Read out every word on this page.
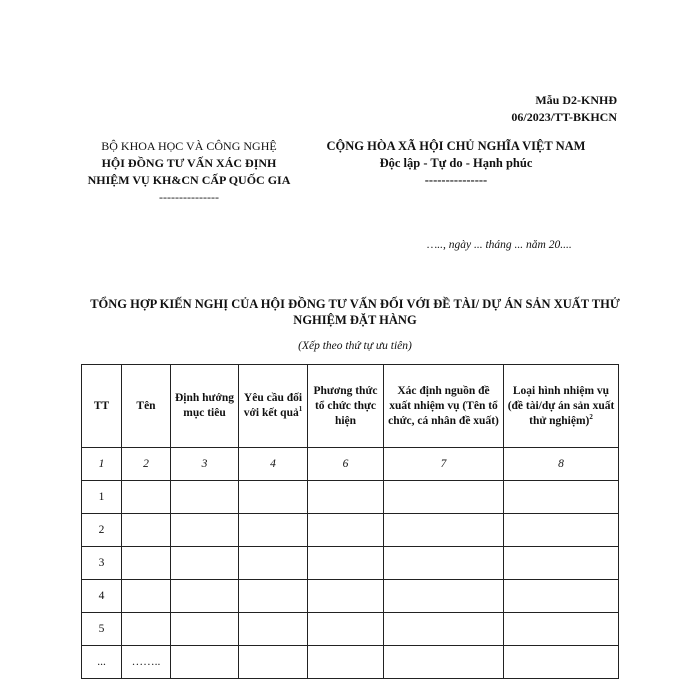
Mẫu D2-KNHĐ
06/2023/TT-BKHCN
BỘ KHOA HỌC VÀ CÔNG NGHỆ
HỘI ĐỒNG TƯ VẤN XÁC ĐỊNH NHIỆM VỤ KH&CN CẤP QUỐC GIA
---------------
CỘNG HÒA XÃ HỘI CHỦ NGHĨA VIỆT NAM
Độc lập - Tự do - Hạnh phúc
---------------
….., ngày ... tháng ... năm 20....
TỔNG HỢP KIẾN NGHỊ CỦA HỘI ĐỒNG TƯ VẤN ĐỐI VỚI ĐỀ TÀI/ DỰ ÁN SẢN XUẤT THỬ NGHIỆM ĐẶT HÀNG
(Xếp theo thứ tự ưu tiên)
TT	Tên	Định hướng mục tiêu	Yêu cầu đối với kết quả$^1$	Phương thức tổ chức thực hiện	Xác định nguồn đề xuất nhiệm vụ (Tên tổ chức, cá nhân đề xuất)	Loại hình nhiệm vụ (đề tài/dự án sản xuất thử nghiệm)$^2$
1	2	3	4	6	7	8
1						
2						
3						
4						
5						
...	……..					
